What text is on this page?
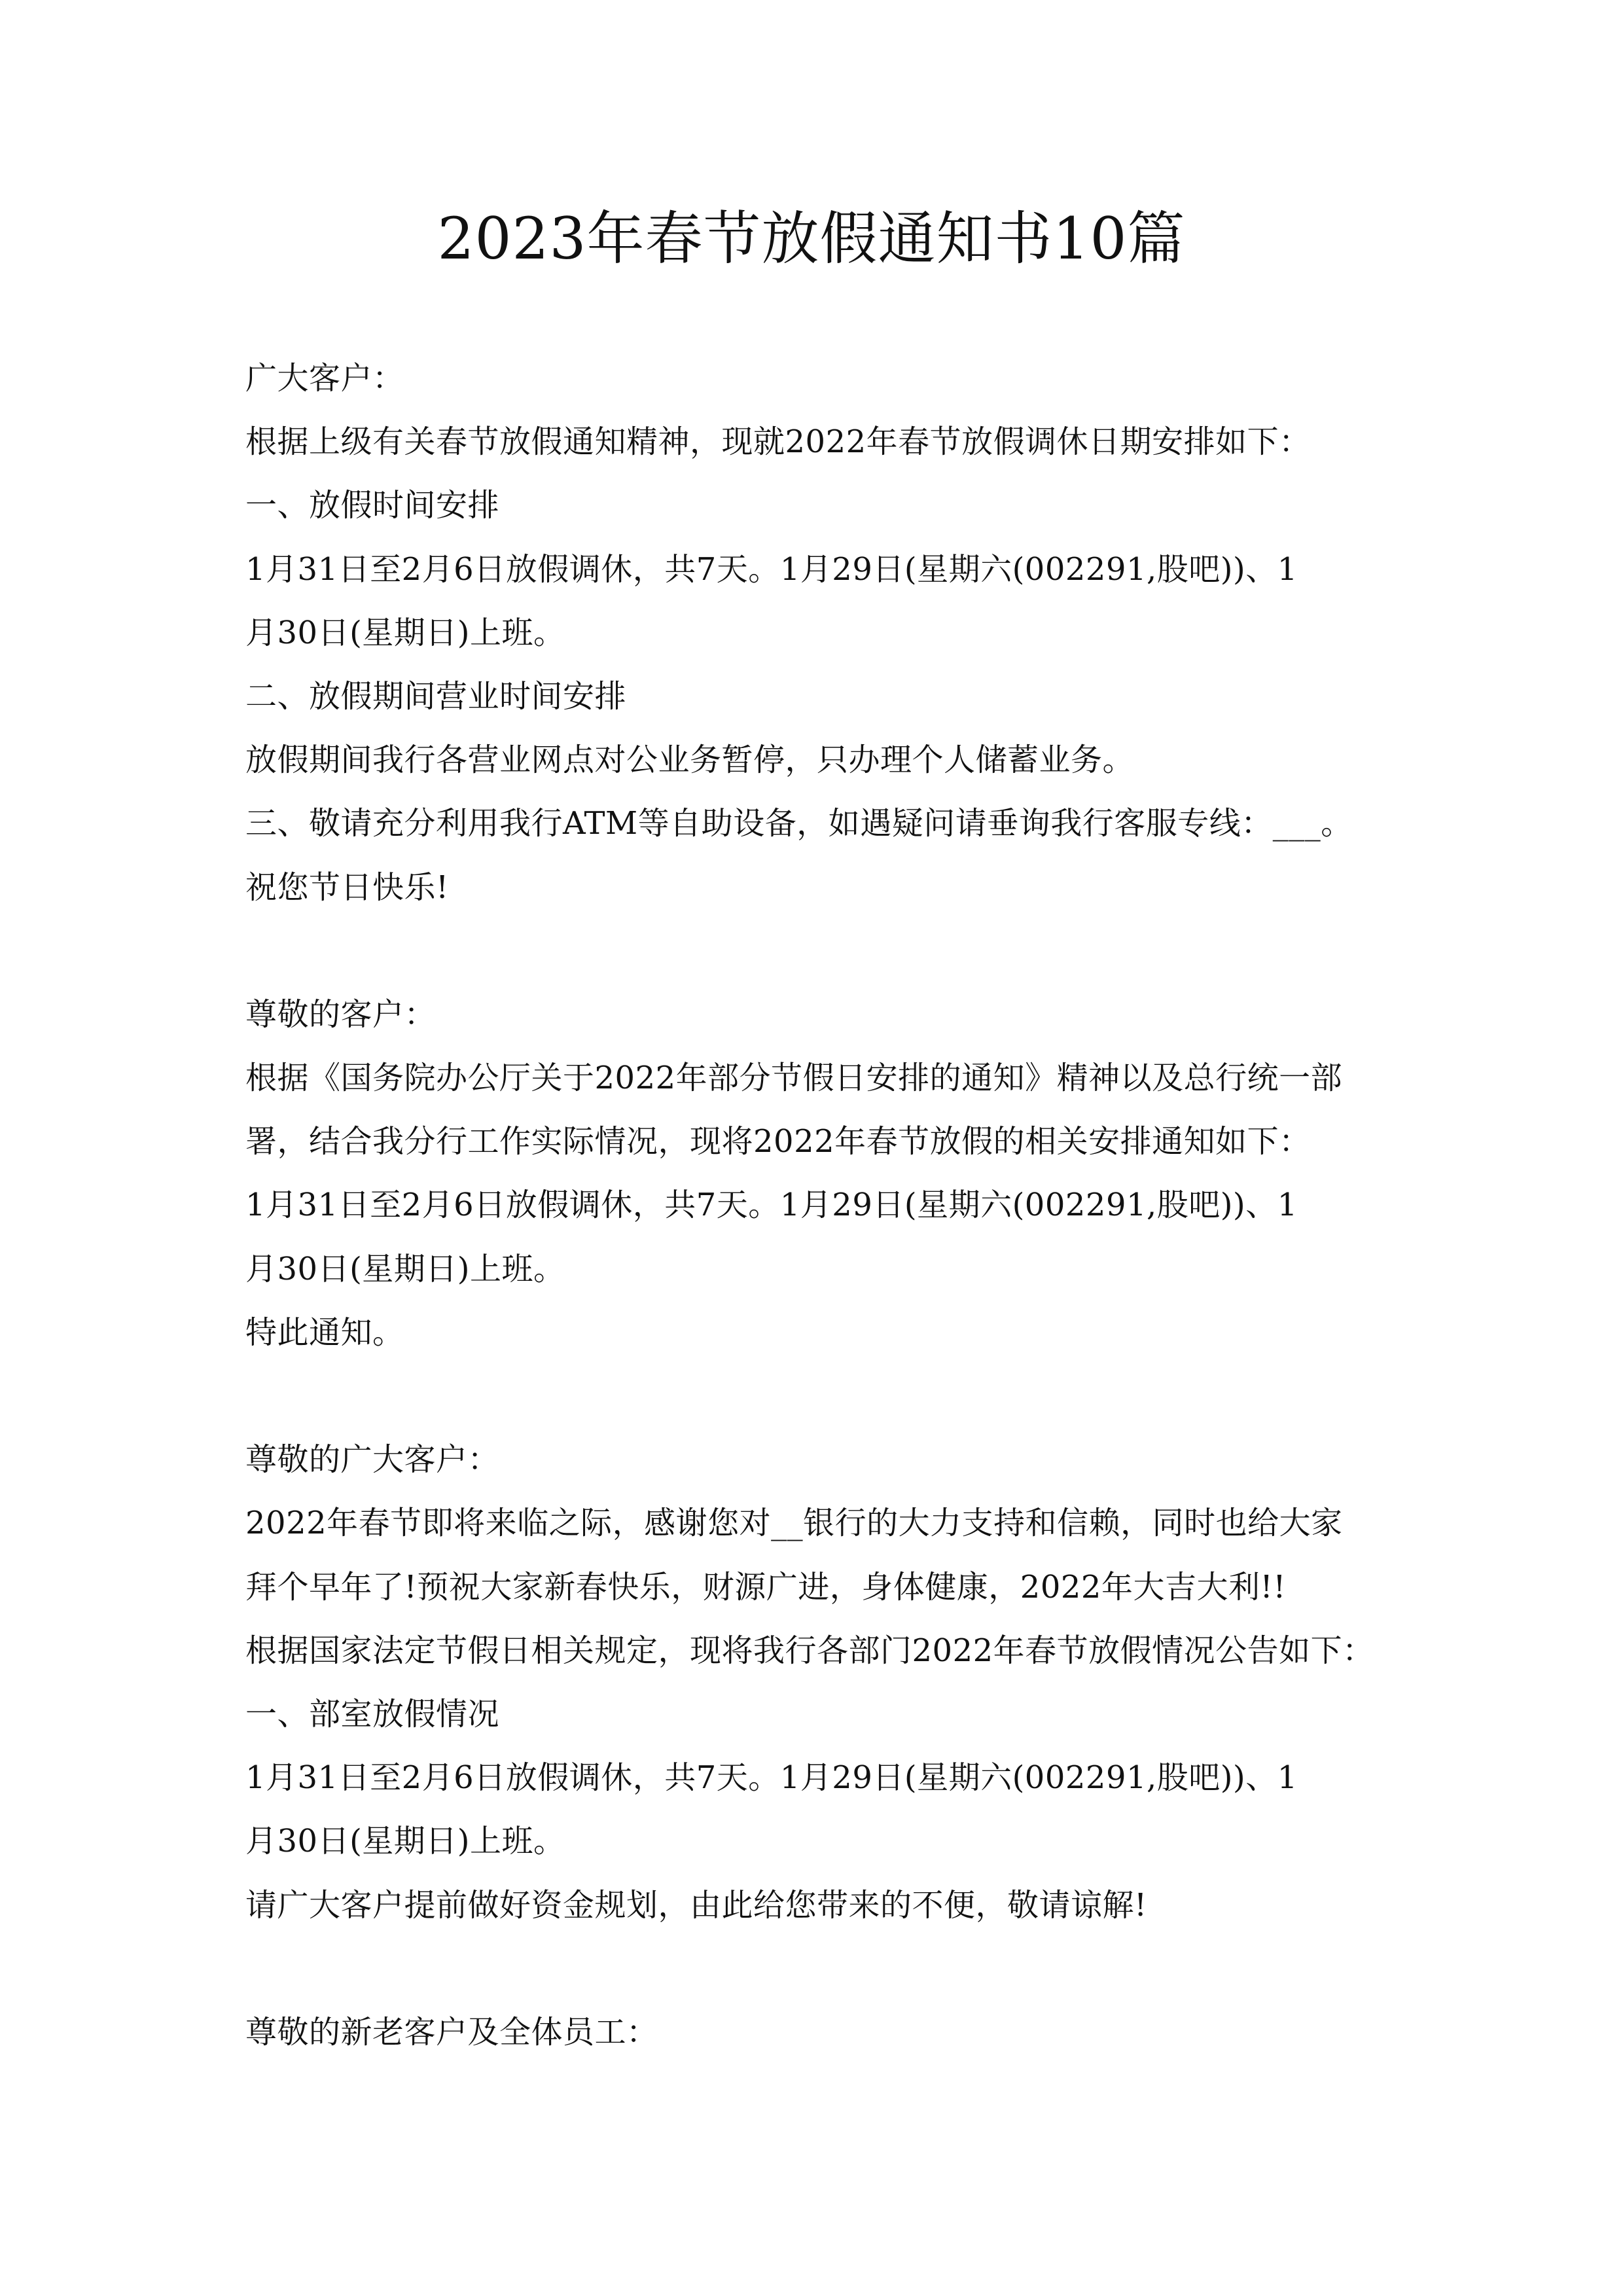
2023年春节放假通知书10篇
广大客户：
根据上级有关春节放假通知精神，现就2022年春节放假调休日期安排如下：
一、放假时间安排
1月31日至2月6日放假调休，共7天。1月29日(星期六(002291,股吧))、1
月30日(星期日)上班。
二、放假期间营业时间安排
放假期间我行各营业网点对公业务暂停，只办理个人储蓄业务。
三、敬请充分利用我行ATM等自助设备，如遇疑问请垂询我行客服专线：___。
祝您节日快乐!
尊敬的客户：
根据《国务院办公厅关于2022年部分节假日安排的通知》精神以及总行统一部
署，结合我分行工作实际情况，现将2022年春节放假的相关安排通知如下：
1月31日至2月6日放假调休，共7天。1月29日(星期六(002291,股吧))、1
月30日(星期日)上班。
特此通知。
尊敬的广大客户：
2022年春节即将来临之际，感谢您对__银行的大力支持和信赖，同时也给大家
拜个早年了!预祝大家新春快乐，财源广进，身体健康，2022年大吉大利!!
根据国家法定节假日相关规定，现将我行各部门2022年春节放假情况公告如下：
一、部室放假情况
1月31日至2月6日放假调休，共7天。1月29日(星期六(002291,股吧))、1
月30日(星期日)上班。
请广大客户提前做好资金规划，由此给您带来的不便，敬请谅解!
尊敬的新老客户及全体员工：
